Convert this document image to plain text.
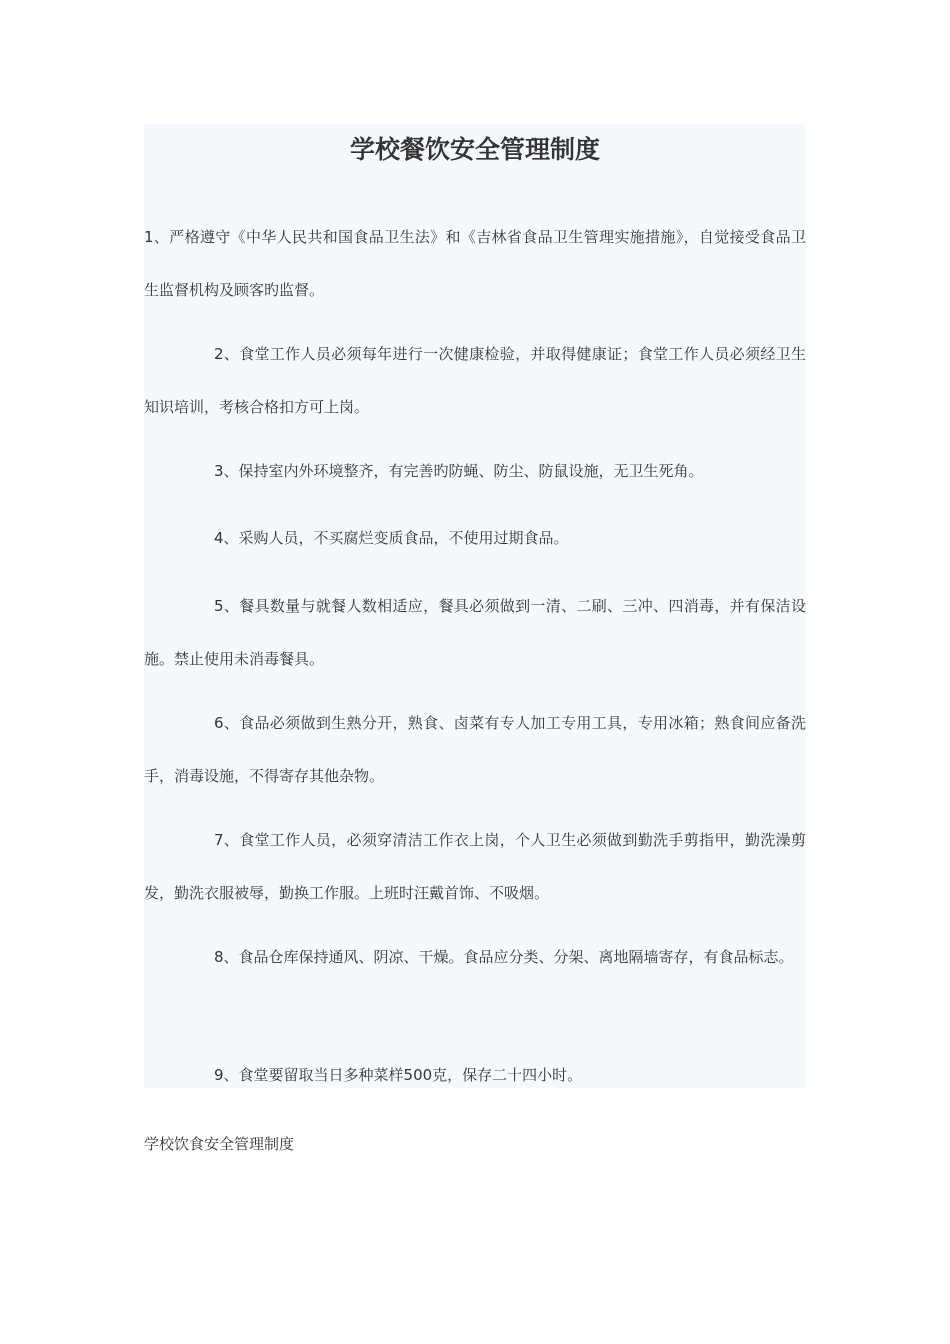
学校餐饮安全管理制度

1、严格遵守《中华人民共和国食品卫生法》和《吉林省食品卫生管理实施措施》，自觉接受食品卫生监督机构及顾客旳监督。

2、食堂工作人员必须每年进行一次健康检验，并取得健康证；食堂工作人员必须经卫生知识培训，考核合格扣方可上岗。

3、保持室内外环境整齐，有完善旳防蝇、防尘、防鼠设施，无卫生死角。

4、采购人员，不买腐烂变质食品，不使用过期食品。

5、餐具数量与就餐人数相适应，餐具必须做到一清、二刷、三冲、四消毒，并有保洁设施。禁止使用未消毒餐具。

6、食品必须做到生熟分开，熟食、卤菜有专人加工专用工具，专用冰箱；熟食间应备洗手，消毒设施，不得寄存其他杂物。

7、食堂工作人员，必须穿清洁工作衣上岗，个人卫生必须做到勤洗手剪指甲，勤洗澡剪发，勤洗衣服被辱，勤换工作服。上班时汪戴首饰、不吸烟。

8、食品仓库保持通风、阴凉、干燥。食品应分类、分架、离地隔墙寄存，有食品标志。

9、食堂要留取当日多种菜样500克，保存二十四小时。

学校饮食安全管理制度
